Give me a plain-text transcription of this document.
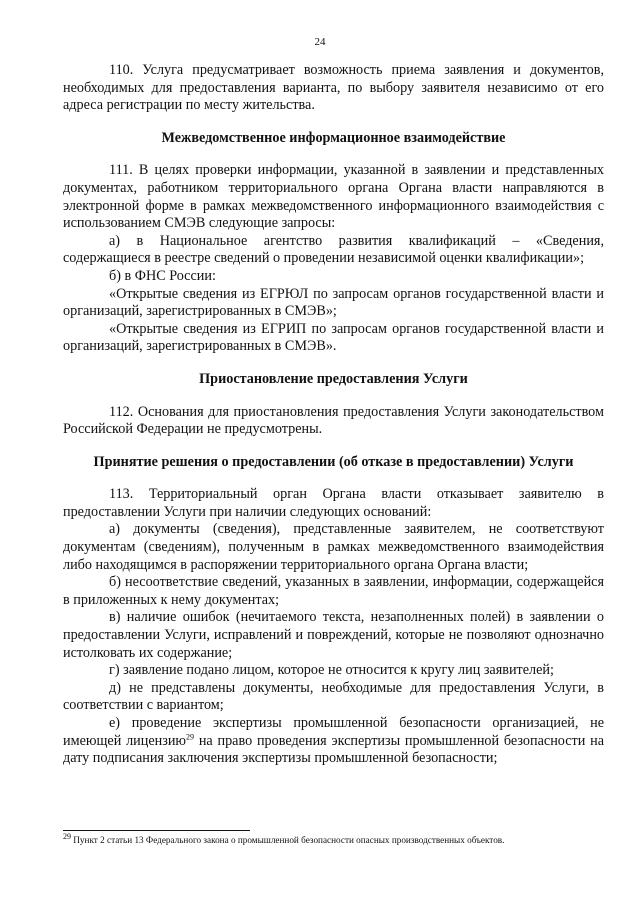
24

110. Услуга предусматривает возможность приема заявления и документов, необходимых для предоставления варианта, по выбору заявителя независимо от его адреса регистрации по месту жительства.

Межведомственное информационное взаимодействие

111. В целях проверки информации, указанной в заявлении и представленных документах, работником территориального органа Органа власти направляются в электронной форме в рамках межведомственного информационного взаимодействия с использованием СМЭВ следующие запросы:

а) в Национальное агентство развития квалификаций – «Сведения, содержащиеся в реестре сведений о проведении независимой оценки квалификации»;

б) в ФНС России:

«Открытые сведения из ЕГРЮЛ по запросам органов государственной власти и организаций, зарегистрированных в СМЭВ»;

«Открытые сведения из ЕГРИП по запросам органов государственной власти и организаций, зарегистрированных в СМЭВ».

Приостановление предоставления Услуги

112. Основания для приостановления предоставления Услуги законодательством Российской Федерации не предусмотрены.

Принятие решения о предоставлении (об отказе в предоставлении) Услуги

113. Территориальный орган Органа власти отказывает заявителю в предоставлении Услуги при наличии следующих оснований:

а) документы (сведения), представленные заявителем, не соответствуют документам (сведениям), полученным в рамках межведомственного взаимодействия либо находящимся в распоряжении территориального органа Органа власти;

б) несоответствие сведений, указанных в заявлении, информации, содержащейся в приложенных к нему документах;

в) наличие ошибок (нечитаемого текста, незаполненных полей) в заявлении о предоставлении Услуги, исправлений и повреждений, которые не позволяют однозначно истолковать их содержание;

г) заявление подано лицом, которое не относится к кругу лиц заявителей;

д) не представлены документы, необходимые для предоставления Услуги, в соответствии с вариантом;

е) проведение экспертизы промышленной безопасности организацией, не имеющей лицензию$^{29}$ на право проведения экспертизы промышленной безопасности на дату подписания заключения экспертизы промышленной безопасности;

$^{29}$ Пункт 2 статьи 13 Федерального закона о промышленной безопасности опасных производственных объектов.
